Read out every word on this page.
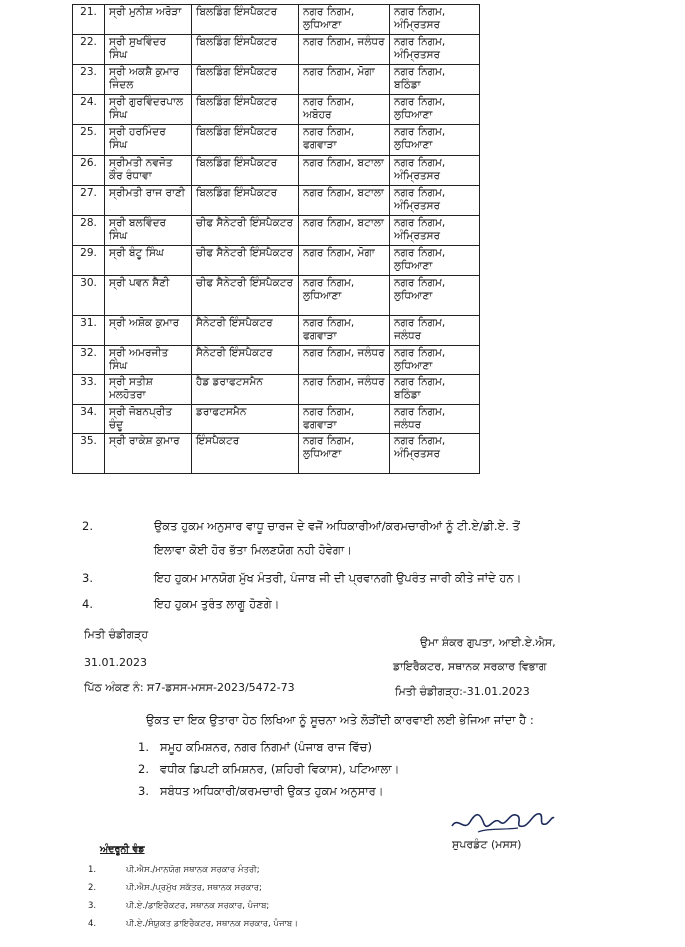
21.	ਸ੍ਰੀ ਮੁਨੀਸ਼ ਅਰੋੜਾ	ਬਿਲਡਿੰਗ ਇੰਸਪੈਕਟਰ	ਨਗਰ ਨਿਗਮ, ਲੁਧਿਆਣਾ	ਨਗਰ ਨਿਗਮ, ਅੰਮ੍ਰਿਤਸਰ
22.	ਸ੍ਰੀ ਸੁਖਵਿੰਦਰ ਸਿੰਘ	ਬਿਲਡਿੰਗ ਇੰਸਪੈਕਟਰ	ਨਗਰ ਨਿਗਮ, ਜਲੰਧਰ	ਨਗਰ ਨਿਗਮ, ਅੰਮ੍ਰਿਤਸਰ
23.	ਸ੍ਰੀ ਅਕਸ਼ੈ ਕੁਮਾਰ ਜਿੰਦਲ	ਬਿਲਡਿੰਗ ਇੰਸਪੈਕਟਰ	ਨਗਰ ਨਿਗਮ, ਮੋਗਾ	ਨਗਰ ਨਿਗਮ, ਬਠਿੰਡਾ
24.	ਸ੍ਰੀ ਗੁਰਵਿੰਦਰਪਾਲ ਸਿੰਘ	ਬਿਲਡਿੰਗ ਇੰਸਪੈਕਟਰ	ਨਗਰ ਨਿਗਮ, ਅਬੋਹਰ	ਨਗਰ ਨਿਗਮ, ਲੁਧਿਆਣਾ
25.	ਸ੍ਰੀ ਹਰਮਿੰਦਰ ਸਿੰਘ	ਬਿਲਡਿੰਗ ਇੰਸਪੈਕਟਰ	ਨਗਰ ਨਿਗਮ, ਫਗਵਾੜਾ	ਨਗਰ ਨਿਗਮ, ਲੁਧਿਆਣਾ
26.	ਸ੍ਰੀਮਤੀ ਨਵਜੋਤ ਕੌਰ ਰੰਧਾਵਾ	ਬਿਲਡਿੰਗ ਇੰਸਪੈਕਟਰ	ਨਗਰ ਨਿਗਮ, ਬਟਾਲਾ	ਨਗਰ ਨਿਗਮ, ਅੰਮ੍ਰਿਤਸਰ
27.	ਸ੍ਰੀਮਤੀ ਰਾਜ ਰਾਣੀ	ਬਿਲਡਿੰਗ ਇੰਸਪੈਕਟਰ	ਨਗਰ ਨਿਗਮ, ਬਟਾਲਾ	ਨਗਰ ਨਿਗਮ, ਅੰਮ੍ਰਿਤਸਰ
28.	ਸ੍ਰੀ ਬਲਵਿੰਦਰ ਸਿੰਘ	ਚੀਫ ਸੈਨੇਟਰੀ ਇੰਸਪੈਕਟਰ	ਨਗਰ ਨਿਗਮ, ਬਟਾਲਾ	ਨਗਰ ਨਿਗਮ, ਅੰਮ੍ਰਿਤਸਰ
29.	ਸ੍ਰੀ ਬੰਟੂ ਸਿੰਘ	ਚੀਫ ਸੈਨੇਟਰੀ ਇੰਸਪੈਕਟਰ	ਨਗਰ ਨਿਗਮ, ਮੋਗਾ	ਨਗਰ ਨਿਗਮ, ਲੁਧਿਆਣਾ
30.	ਸ੍ਰੀ ਪਵਨ ਸੈਣੀ	ਚੀਫ ਸੈਨੇਟਰੀ ਇੰਸਪੈਕਟਰ	ਨਗਰ ਨਿਗਮ, ਲੁਧਿਆਣਾ	ਨਗਰ ਨਿਗਮ, ਲੁਧਿਆਣਾ
31.	ਸ੍ਰੀ ਅਸ਼ੋਕ ਕੁਮਾਰ	ਸੈਨੇਟਰੀ ਇੰਸਪੈਕਟਰ	ਨਗਰ ਨਿਗਮ, ਫਗਵਾੜਾ	ਨਗਰ ਨਿਗਮ, ਜਲੰਧਰ
32.	ਸ੍ਰੀ ਅਮਰਜੀਤ ਸਿੰਘ	ਸੈਨੇਟਰੀ ਇੰਸਪੈਕਟਰ	ਨਗਰ ਨਿਗਮ, ਜਲੰਧਰ	ਨਗਰ ਨਿਗਮ, ਲੁਧਿਆਣਾ
33.	ਸ੍ਰੀ ਸਤੀਸ਼ ਮਲਹੋਤਰਾ	ਹੈਡ ਡਰਾਫਟਸਮੈਨ	ਨਗਰ ਨਿਗਮ, ਜਲੰਧਰ	ਨਗਰ ਨਿਗਮ, ਬਠਿੰਡਾ
34.	ਸ੍ਰੀ ਜੋਬਨਪ੍ਰੀਤ ਚੰਦੂ	ਡਰਾਫਟਸਮੈਨ	ਨਗਰ ਨਿਗਮ, ਫਗਵਾੜਾ	ਨਗਰ ਨਿਗਮ, ਜਲੰਧਰ
35.	ਸ੍ਰੀ ਰਾਕੇਸ਼ ਕੁਮਾਰ	ਇੰਸਪੈਕਟਰ	ਨਗਰ ਨਿਗਮ, ਲੁਧਿਆਣਾ	ਨਗਰ ਨਿਗਮ, ਅੰਮ੍ਰਿਤਸਰ
2.	ਉਕਤ ਹੁਕਮ ਅਨੁਸਾਰ ਵਾਧੂ ਚਾਰਜ ਦੇ ਵਜੋਂ ਅਧਿਕਾਰੀਆਂ/ਕਰਮਚਾਰੀਆਂ ਨੂੰ ਟੀ.ਏ/ਡੀ.ਏ. ਤੋਂ
ਇਲਾਵਾ ਕੋਈ ਹੋਰ ਭੱਤਾ ਮਿਲਣਯੋਗ ਨਹੀ ਹੋਵੇਗਾ।
3.	ਇਹ ਹੁਕਮ ਮਾਨਯੋਗ ਮੁੱਖ ਮੰਤਰੀ, ਪੰਜਾਬ ਜੀ ਦੀ ਪ੍ਰਵਾਨਗੀ ਉਪਰੰਤ ਜਾਰੀ ਕੀਤੇ ਜਾਂਦੇ ਹਨ।
4.	ਇਹ ਹੁਕਮ ਤੁਰੰਤ ਲਾਗੂ ਹੋਣਗੇ।
ਮਿਤੀ ਚੰਡੀਗੜ੍ਹ
31.01.2023
ਪਿੱਠ ਅੰਕਣ ਨੰ: ਸ7-ਡਸਸ-ਮਸਸ-2023/5472-73
ਉਮਾ ਸ਼ੰਕਰ ਗੁਪਤਾ, ਆਈ.ਏ.ਐਸ,
ਡਾਇਰੈਕਟਰ, ਸਥਾਨਕ ਸਰਕਾਰ ਵਿਭਾਗ
ਮਿਤੀ ਚੰਡੀਗੜ੍ਹ:-31.01.2023
ਉਕਤ ਦਾ ਇਕ ਉਤਾਰਾ ਹੇਠ ਲਿਖਿਆ ਨੂੰ ਸੂਚਨਾ ਅਤੇ ਲੋੜੀਂਦੀ ਕਾਰਵਾਈ ਲਈ ਭੇਜਿਆ ਜਾਂਦਾ ਹੈ :
1. ਸਮੂਹ ਕਮਿਸ਼ਨਰ, ਨਗਰ ਨਿਗਮਾਂ (ਪੰਜਾਬ ਰਾਜ ਵਿੱਚ)
2. ਵਧੀਕ ਡਿਪਟੀ ਕਮਿਸ਼ਨਰ, (ਸ਼ਹਿਰੀ ਵਿਕਾਸ), ਪਟਿਆਲਾ।
3. ਸਬੰਧਤ ਅਧਿਕਾਰੀ/ਕਰਮਚਾਰੀ ਉਕਤ ਹੁਕਮ ਅਨੁਸਾਰ।
ਸੁਪਰਡੰਟ (ਮਸਸ)
ਅੰਦਰੂਨੀ ਵੰਡ
1.	ਪੀ.ਐਸ./ਮਾਨਯੋਗ ਸਥਾਨਕ ਸਰਕਾਰ ਮੰਤਰੀ;
2.	ਪੀ.ਐਸ./ਪ੍ਰਮੁੱਖ ਸਕੱਤਰ, ਸਥਾਨਕ ਸਰਕਾਰ;
3.	ਪੀ.ਏ./ਡਾਇਰੈਕਟਰ, ਸਥਾਨਕ ਸਰਕਾਰ, ਪੰਜਾਬ;
4.	ਪੀ.ਏ./ਸੰਯੁਕਤ ਡਾਇਰੈਕਟਰ, ਸਥਾਨਕ ਸਰਕਾਰ, ਪੰਜਾਬ।
